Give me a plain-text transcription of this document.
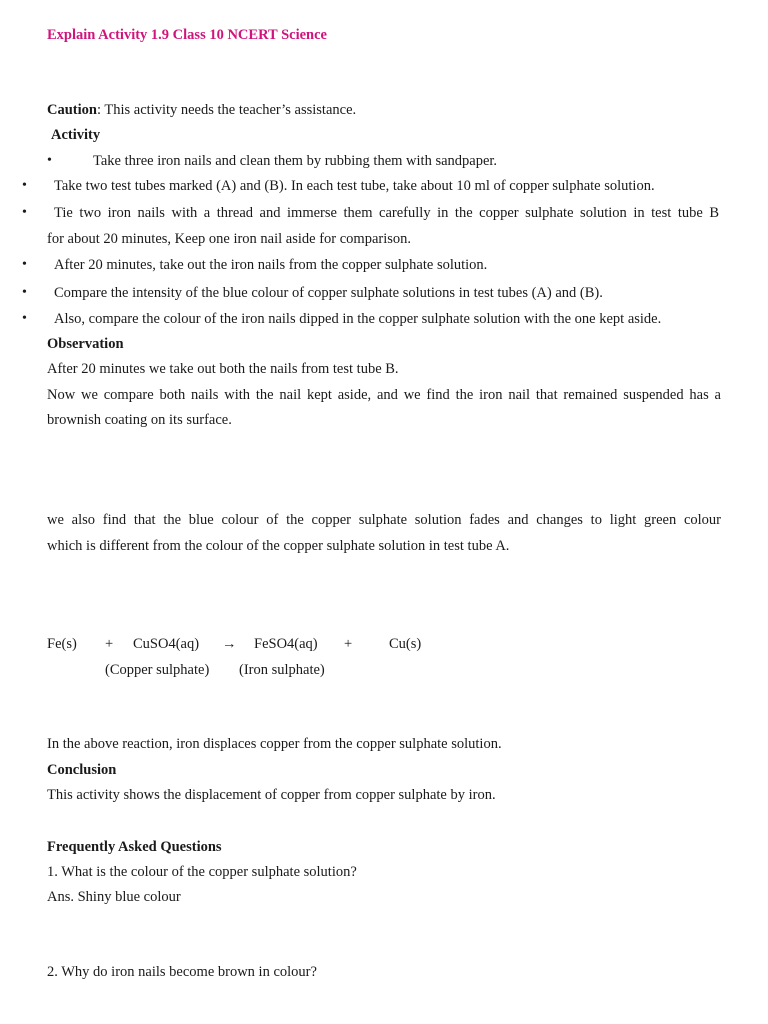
Explain Activity 1.9 Class 10 NCERT Science
Caution: This activity needs the teacher’s assistance.
Activity
•	Take three iron nails and clean them by rubbing them with sandpaper.
• Take two test tubes marked (A) and (B). In each test tube, take about 10 ml of copper sulphate solution.
• Tie two iron nails with a thread and immerse them carefully in the copper sulphate solution in test tube B
for about 20 minutes, Keep one iron nail aside for comparison.
• After 20 minutes, take out the iron nails from the copper sulphate solution.
• Compare the intensity of the blue colour of copper sulphate solutions in test tubes (A) and (B).
• Also, compare the colour of the iron nails dipped in the copper sulphate solution with the one kept aside.
Observation
After 20 minutes we take out both the nails from test tube B.
Now we compare both nails with the nail kept aside, and we find the iron nail that remained suspended has a
brownish coating on its surface.
we also find that the blue colour of the copper sulphate solution fades and changes to light green colour
which is different from the colour of the copper sulphate solution in test tube A.
Fe(s) + CuSO4(aq) → FeSO4(aq) +	Cu(s)
(Copper sulphate) (Iron sulphate)
In the above reaction, iron displaces copper from the copper sulphate solution.
Conclusion
This activity shows the displacement of copper from copper sulphate by iron.
Frequently Asked Questions
1. What is the colour of the copper sulphate solution?
Ans. Shiny blue colour
2. Why do iron nails become brown in colour?
